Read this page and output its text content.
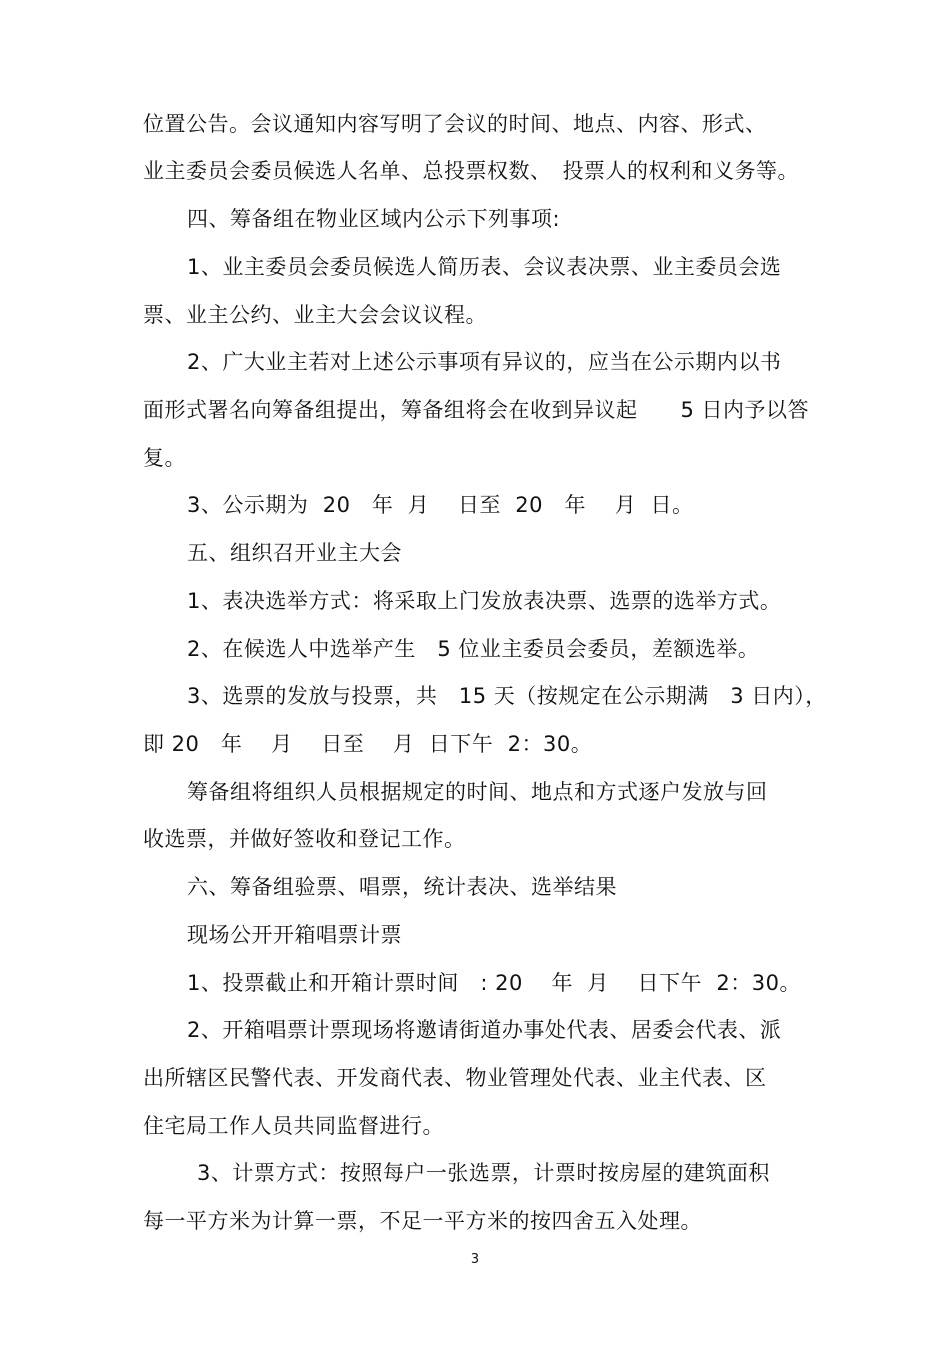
位置公告。会议通知内容写明了会议的时间、地点、内容、形式、

业主委员会委员候选人名单、总投票权数、　投票人的权利和义务等。

四、筹备组在物业区域内公示下列事项:

1、业主委员会委员候选人简历表、会议表决票、业主委员会选

票、业主公约、业主大会会议议程。

2、广大业主若对上述公示事项有异议的，应当在公示期内以书

面形式署名向筹备组提出，筹备组将会在收到异议起　　5 日内予以答

复。

3、公示期为  20　年  月　 日至  20　年　 月  日。

五、组织召开业主大会

1、表决选举方式：将采取上门发放表决票、选票的选举方式。

2、在候选人中选举产生　5 位业主委员会委员，差额选举。

3、选票的发放与投票，共　15 天（按规定在公示期满　3 日内），

即 20　年　 月　 日至　 月  日下午  2：30。

筹备组将组织人员根据规定的时间、地点和方式逐户发放与回

收选票，并做好签收和登记工作。

六、筹备组验票、唱票，统计表决、选举结果

现场公开开箱唱票计票

1、投票截止和开箱计票时间　: 20　 年  月　 日下午  2：30。

2、开箱唱票计票现场将邀请街道办事处代表、居委会代表、派

出所辖区民警代表、开发商代表、物业管理处代表、业主代表、区

住宅局工作人员共同监督进行。

3、计票方式：按照每户一张选票，计票时按房屋的建筑面积

每一平方米为计算一票，不足一平方米的按四舍五入处理。

3
